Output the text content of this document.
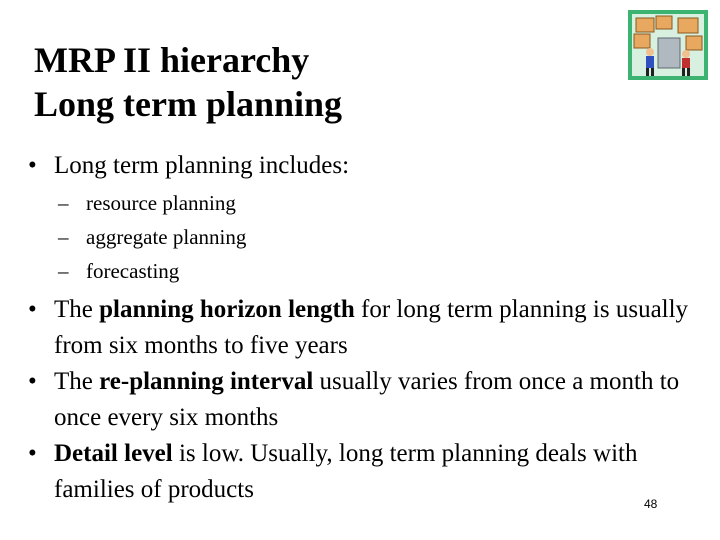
MRP II hierarchy
Long term planning
• Long term planning includes:
– resource planning
– aggregate planning
– forecasting
• The planning horizon length for long term planning is usually from six months to five years
• The re-planning interval usually varies from once a month to once every six months
• Detail level is low. Usually, long term planning deals with families of products
48
